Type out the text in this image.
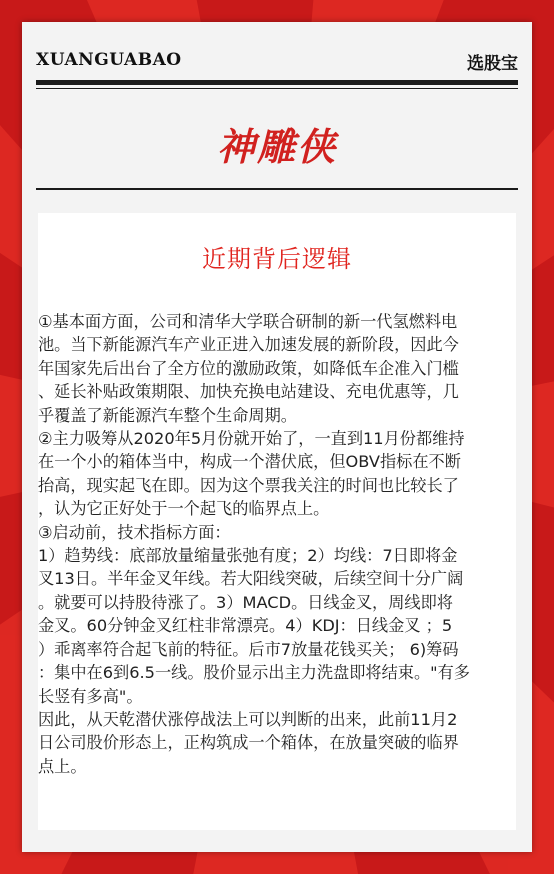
XUANGUABAO	选股宝
神雕侠
近期背后逻辑

①基本面方面，公司和清华大学联合研制的新一代氢燃料电
池。当下新能源汽车产业正进入加速发展的新阶段，因此今
年国家先后出台了全方位的激励政策，如降低车企准入门槛
、延长补贴政策期限、加快充换电站建设、充电优惠等，几
乎覆盖了新能源汽车整个生命周期。

②主力吸筹从2020年5月份就开始了，一直到11月份都维持
在一个小的箱体当中，构成一个潜伏底，但OBV指标在不断
抬高，现实起飞在即。因为这个票我关注的时间也比较长了
，认为它正好处于一个起飞的临界点上。

③启动前，技术指标方面：
1）趋势线：底部放量缩量张弛有度；2）均线：7日即将金
叉13日。半年金叉年线。若大阳线突破，后续空间十分广阔
。就要可以持股待涨了。3）MACD。日线金叉，周线即将
金叉。60分钟金叉红柱非常漂亮。4）KDJ：日线金叉 ；5
）乖离率符合起飞前的特征。后市7放量花钱买关； 6)筹码
：集中在6到6.5一线。股价显示出主力洗盘即将结束。"有多
长竖有多高"。

因此，从天乾潜伏涨停战法上可以判断的出来，此前11月2
日公司股价形态上，正构筑成一个箱体，在放量突破的临界
点上。
